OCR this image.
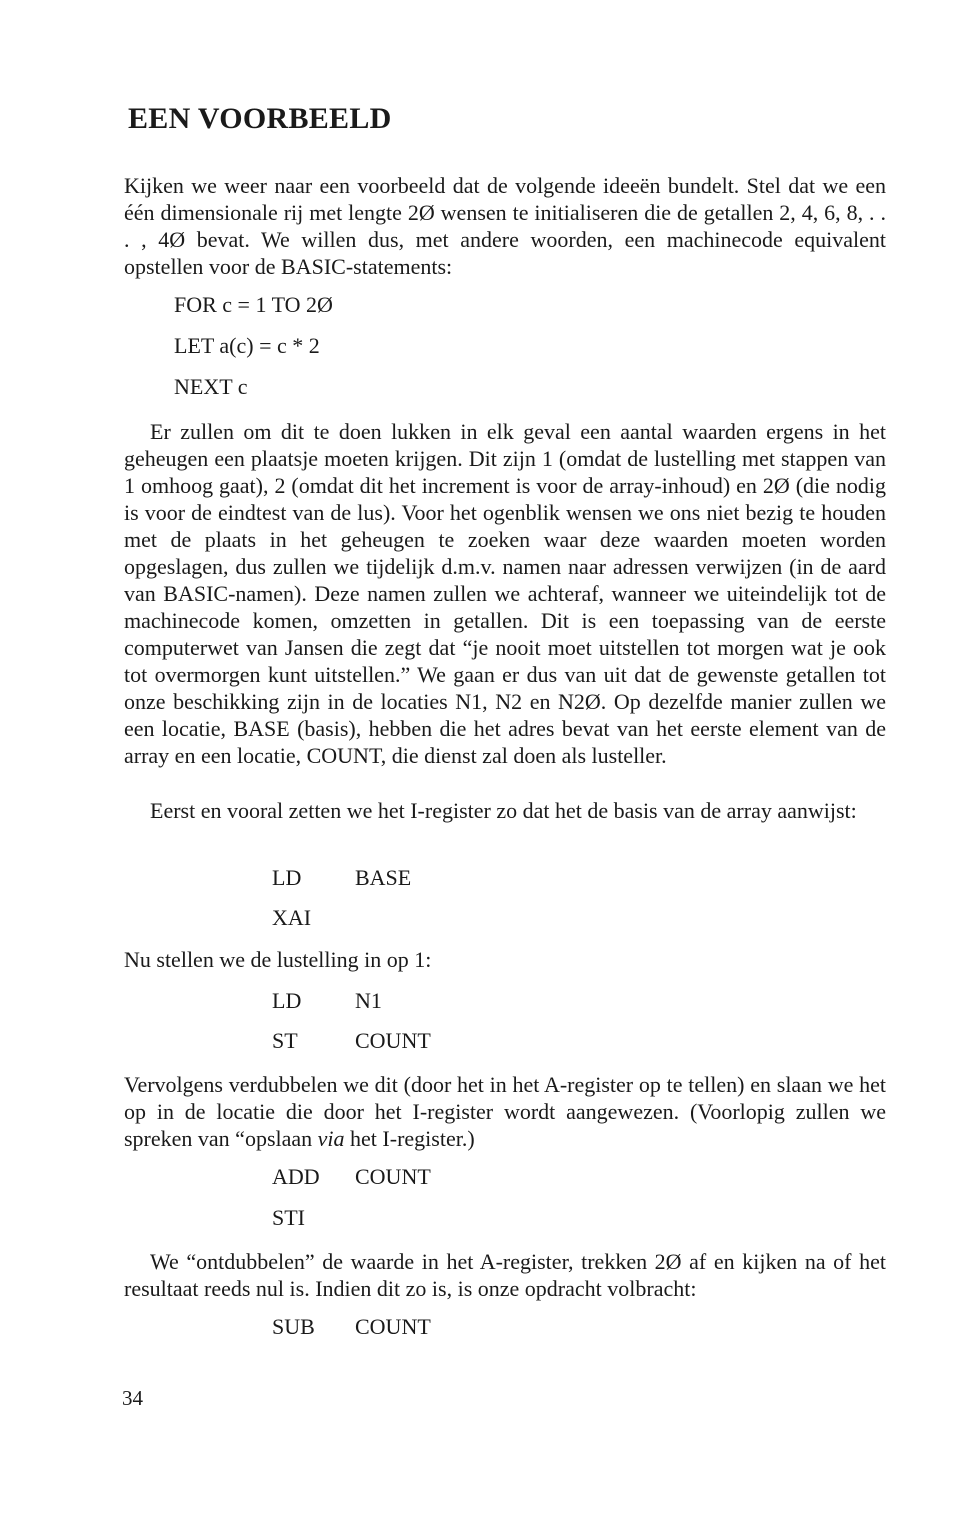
EEN VOORBEELD

Kijken we weer naar een voorbeeld dat de volgende ideeën bundelt. Stel dat we een één dimensionale rij met lengte 2Ø wensen te initialiseren die de getallen 2, 4, 6, 8, . . . , 4Ø bevat. We willen dus, met andere woorden, een machinecode equivalent opstellen voor de BASIC-statements:

FOR c = 1 TO 2Ø

LET a(c) = c * 2

NEXT c

Er zullen om dit te doen lukken in elk geval een aantal waarden ergens in het geheugen een plaatsje moeten krijgen. Dit zijn 1 (omdat de lustelling met stappen van 1 omhoog gaat), 2 (omdat dit het increment is voor de array-inhoud) en 2Ø (die nodig is voor de eindtest van de lus). Voor het ogenblik wensen we ons niet bezig te houden met de plaats in het geheugen te zoeken waar deze waarden moeten worden opgeslagen, dus zullen we tijdelijk d.m.v. namen naar adressen verwijzen (in de aard van BASIC-namen). Deze namen zullen we achteraf, wanneer we uiteindelijk tot de machinecode komen, omzetten in getallen. Dit is een toepassing van de eerste computerwet van Jansen die zegt dat “je nooit moet uitstellen tot morgen wat je ook tot overmorgen kunt uitstellen.” We gaan er dus van uit dat de gewenste getallen tot onze beschikking zijn in de locaties N1, N2 en N2Ø. Op dezelfde manier zullen we een locatie, BASE (basis), hebben die het adres bevat van het eerste element van de array en een locatie, COUNT, die dienst zal doen als lusteller.

Eerst en vooral zetten we het I-register zo dat het de basis van de array aanwijst:

LD BASE

XAI

Nu stellen we de lustelling in op 1:

LD N1

ST	COUNT

Vervolgens verdubbelen we dit (door het in het A-register op te tellen) en slaan we het op in de locatie die door het I-register wordt aangewezen. (Voorlopig zullen we spreken van “opslaan via het I-register.)

ADD COUNT

STI

We “ontdubbelen” de waarde in het A-register, trekken 2Ø af en kijken na of het resultaat reeds nul is. Indien dit zo is, is onze opdracht volbracht:

SUB COUNT

34
